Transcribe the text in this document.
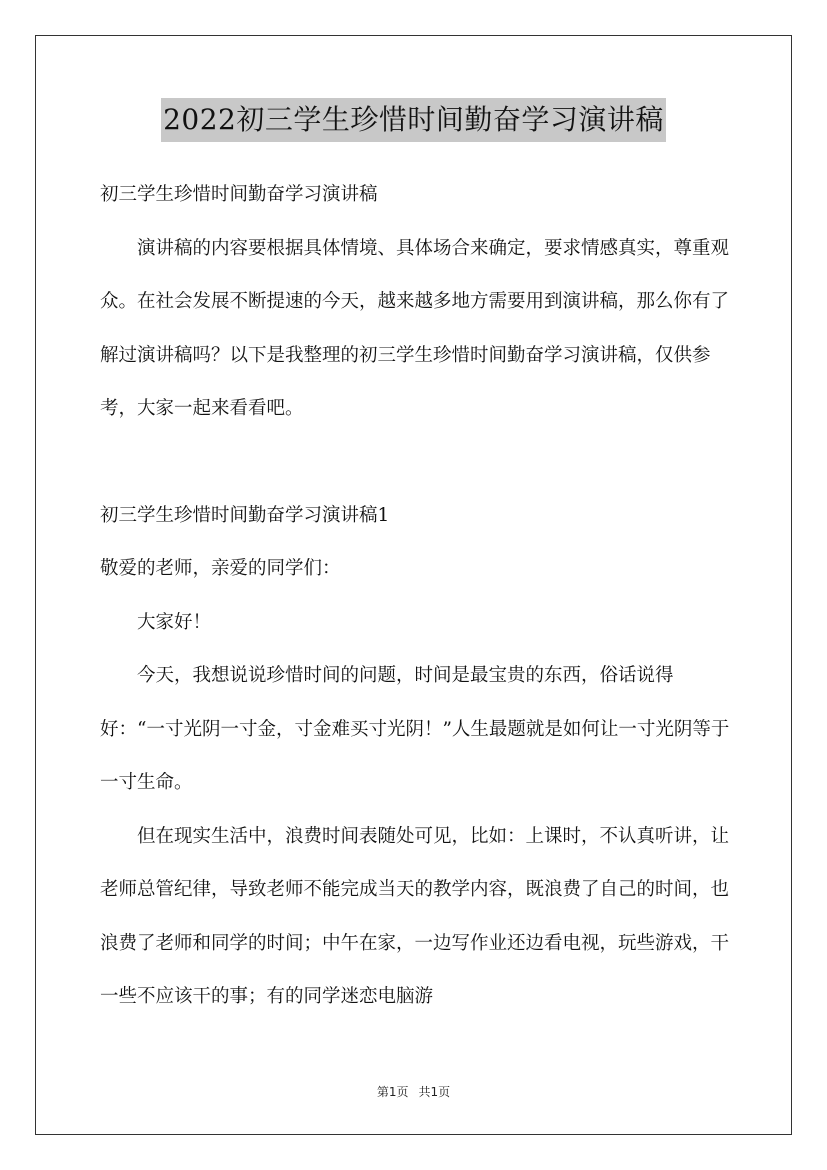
2022初三学生珍惜时间勤奋学习演讲稿

初三学生珍惜时间勤奋学习演讲稿

演讲稿的内容要根据具体情境、具体场合来确定，要求情感真实，尊重观众。在社会发展不断提速的今天，越来越多地方需要用到演讲稿，那么你有了解过演讲稿吗？以下是我整理的初三学生珍惜时间勤奋学习演讲稿，仅供参考，大家一起来看看吧。

初三学生珍惜时间勤奋学习演讲稿1

敬爱的老师，亲爱的同学们：

大家好！

今天，我想说说珍惜时间的问题，时间是最宝贵的东西，俗话说得好：“一寸光阴一寸金，寸金难买寸光阴！”人生最题就是如何让一寸光阴等于一寸生命。

但在现实生活中，浪费时间表随处可见，比如：上课时，不认真听讲，让老师总管纪律，导致老师不能完成当天的教学内容，既浪费了自己的时间，也浪费了老师和同学的时间；中午在家，一边写作业还边看电视，玩些游戏，干一些不应该干的事；有的同学迷恋电脑游

第1页 共1页
